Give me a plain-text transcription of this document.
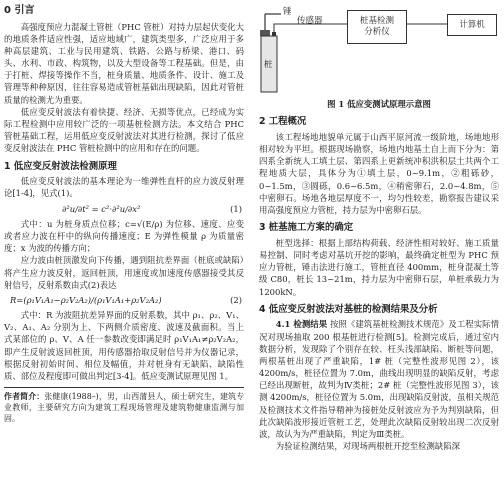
0 引言

高强度预应力混凝土管桩（PHC 管桩）对持力层起伏变化大的地质条件适应性强，适应地域广，建筑类型多，广泛应用于多种高层建筑、工业与民用建筑、铁路、公路与桥梁、港口、码头、水利、市政、构筑物，以及大型设备等工程基础。但是，由于打桩、焊接等操作不当，桩身质量、地质条件、设计、施工及管理等种种原因，往往容易造成管桩基础出现缺陷，因此对管桩质量的检测尤为重要。

低应变反射波法有着快捷、经济、无损等优点，已经成为实际工程检测中应用较广泛的一项基桩检测方法。本文结合 PHC 管桩基础工程，运用低应变反射波法对其进行检测，探讨了低应变反射波法在 PHC 管桩检测中的应用和存在的问题。

1 低应变反射波法检测原理

低应变反射波法的基本理论为一维弹性直杆的应力波反射理论[1-4]，见式(1)。

∂²u/∂t² = c²·∂²u/∂x²	(1)

式中：u 为桩身质点位移；c=√(E/ρ) 为位移、速度、应变或者应力波在杆中的纵向传播速度；E 为弹性模量 ρ 为质量密度；x 为波的传播方向；

应力波由桩顶激发向下传播，遇到阻抗差界面（桩底或缺陷）将产生应力波反射，返回桩顶，用速度或加速度传感器接受其反射信号，反射系数由式(2)表达

R=(ρ₁V₁A₁−ρ₂V₂A₂)/(ρ₁V₁A₁+ρ₂V₂A₂)	(2)

式中：R 为波阻抗差异界面的反射系数，其中 ρ₁、ρ₂、V₁、V₂、A₁、A₂ 分别为上、下两侧介质密度、波速及截面积。当上式某部位的 ρ、V、A 任一参数改变即满足时 ρ₁V₁A₁≠ρ₂V₂A₂，即产生反射波返回桩顶，用传感器拾取反射信号并为仪器记录，根据反射初始时间、相位及幅值，并对桩身有无缺陷、缺陷性质、部位及程度即可做出判定[3-4]。低应变测试原理见图 1。

作者简介：张健康(1988–)，男，山西蒲县人，硕士研究生，建筑专业教师，主要研究方向为建筑工程现场管理及建筑物健康监测与加固。

锤
传感器	桩基检测
分析仪
计算机
桩

图 1 低应变测试原理示意图

2 工程概况

该工程场地地貌单元属于山西平原河流一级阶地，场地地形相对较为平坦。根据现场勘察，场地内地基土自上而下分为：第四系全新统人工填土层、第四系上更新统冲积洪积层土共两个工程地质大层，具体分为①填土层，0~9.1m，②粗砾砂，0~1.5m，③圆砾，0.6~6.5m，④稍密卵石，2.0~4.8m，⑤中密卵石。场地各地层厚度不一，均匀性较差，勘察报告建议采用高强度预应力管桩，持力层为中密卵石层。

3 桩基施工方案的确定

桩型选择：根据上部结构荷载、经济性相对较好、施工质量易控制、同时考虑对基坑开挖的影响，最终确定桩型为 PHC 预应力管桩，锤击法进行施工，管桩直径 400mm，桩身混凝土等级 C80，桩长 13~21m，持力层为中密卵石层，单桩承载力为 1200kN。

4 低应变反射波法对基桩的检测结果及分析

4.1 检测结果 按照《建筑基桩检测技术规范》及工程实际情况对现场抽取 200 根基桩进行检测[5]。检测完成后，通过室内数据分析，发现除了个别存在较、枉头浅部缺陷、断桩等问题，两根基桩出现了严重缺陷，1# 桩（完整性波形见图 2），该 4200m/s，桩径位置为 7.0m，曲线出现明显的缺陷反射，考虑已经出现断桩，故判为Ⅳ类桩；2# 桩（完整性波形见图 3），该测 4200m/s，桩径位置为 5.0m，出现缺陷反射波，虽相关规范及检测技术文件指导精神为接桩处反射波应为予为判别缺陷，但此次缺陷波形接近管桩工艺，处理此次缺陷反射较出现二次反射波，故认为为严重缺陷，判定为Ⅲ类桩。

为验证检测结果，对现场两根桩开挖至检测缺陷深
